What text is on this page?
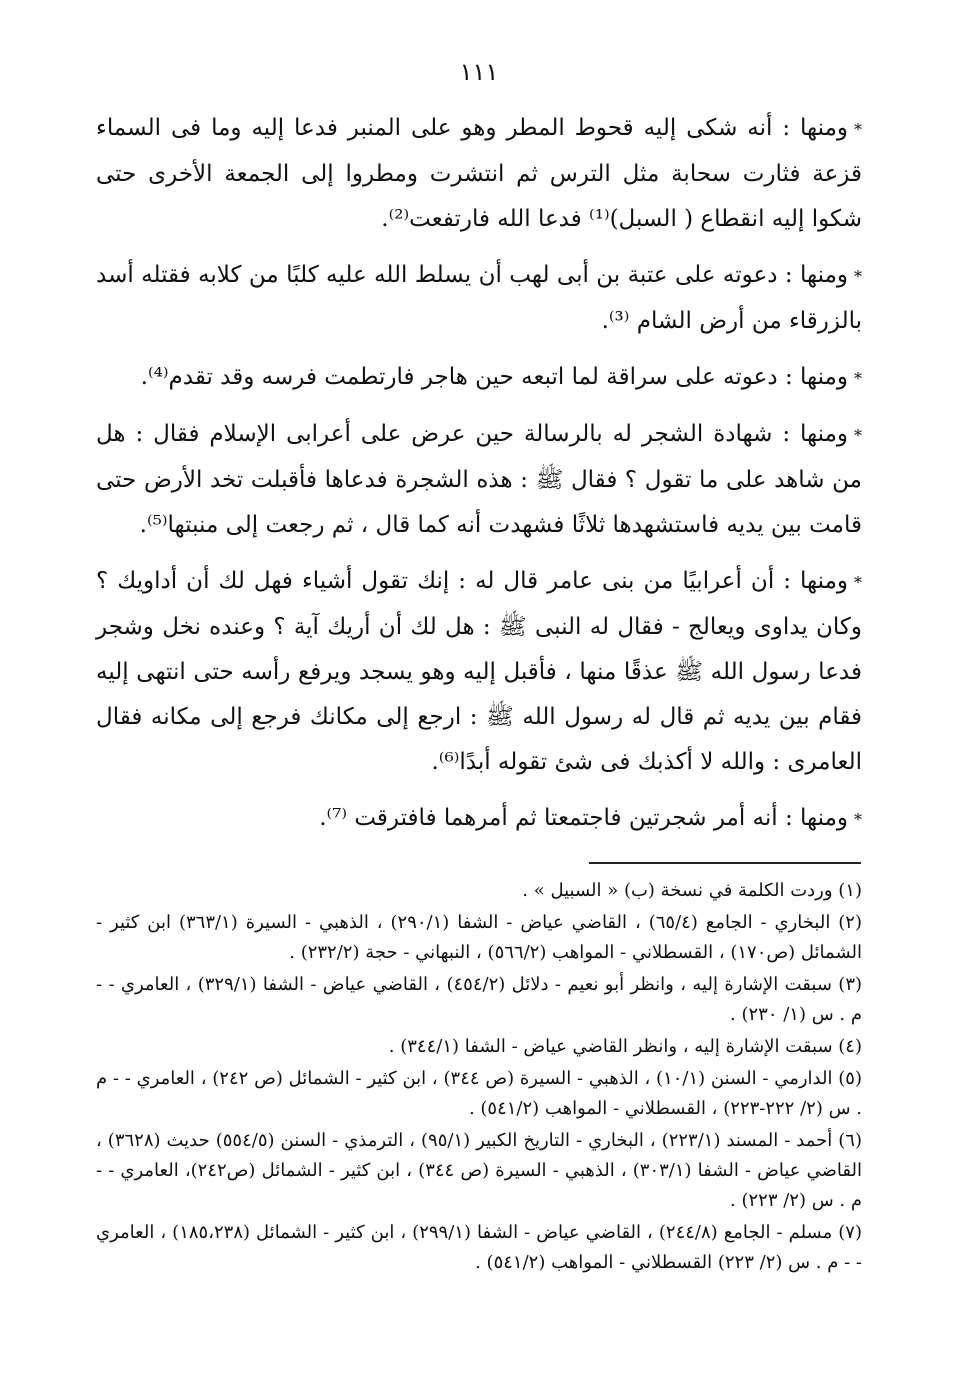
١١١

*ومنها : أنه شكى إليه قحوط المطر وهو على المنبر فدعا إليه وما فى السماء قزعة فثارت سحابة مثل الترس ثم انتشرت ومطروا إلى الجمعة الأخرى حتى شكوا إليه انقطاع ( السبل)⁽¹⁾ فدعا الله فارتفعت⁽²⁾.

*ومنها : دعوته على عتبة بن أبى لهب أن يسلط الله عليه كلبًا من كلابه فقتله أسد بالزرقاء من أرض الشام ⁽³⁾.

*ومنها : دعوته على سراقة لما اتبعه حين هاجر فارتطمت فرسه وقد تقدم⁽⁴⁾.

*ومنها : شهادة الشجر له بالرسالة حين عرض على أعرابى الإسلام فقال : هل من شاهد على ما تقول ؟ فقال ﷺ : هذه الشجرة فدعاها فأقبلت تخد الأرض حتى قامت بين يديه فاستشهدها ثلاثًا فشهدت أنه كما قال ، ثم رجعت إلى منبتها⁽⁵⁾.

*ومنها : أن أعرابيًا من بنى عامر قال له : إنك تقول أشياء فهل لك أن أداويك ؟ وكان يداوى ويعالج - فقال له النبى ﷺ : هل لك أن أريك آية ؟ وعنده نخل وشجر فدعا رسول الله ﷺ عذقًا منها ، فأقبل إليه وهو يسجد ويرفع رأسه حتى انتهى إليه فقام بين يديه ثم قال له رسول الله ﷺ : ارجع إلى مكانك فرجع إلى مكانه فقال العامرى : والله لا أكذبك فى شئ تقوله أبدًا⁽⁶⁾.

*ومنها : أنه أمر شجرتين فاجتمعتا ثم أمرهما فافترقت ⁽⁷⁾.

(١) وردت الكلمة في نسخة (ب) « السبيل » .

(٢) البخاري - الجامع (٦٥/٤) ، القاضي عياض - الشفا (٢٩٠/١) ، الذهبي - السيرة (٣٦٣/١) ابن كثير - الشمائل (ص١٧٠) ، القسطلاني - المواهب (٥٦٦/٢) ، النبهاني - حجة (٢٣٢/٢) .

(٣) سبقت الإشارة إليه ، وانظر أبو نعيم - دلائل (٤٥٤/٢) ، القاضي عياض - الشفا (٣٢٩/١) ، العامري - - م . س (١/ ٢٣٠) .

(٤) سبقت الإشارة إليه ، وانظر القاضي عياض - الشفا (٣٤٤/١) .

(٥) الدارمي - السنن (١٠/١) ، الذهبي - السيرة (ص ٣٤٤) ، ابن كثير - الشمائل (ص ٢٤٢) ، العامري - - م . س (٢/ ٢٢٢-٢٢٣) ، القسطلاني - المواهب (٥٤١/٢) .

(٦) أحمد - المسند (٢٢٣/١) ، البخاري - التاريخ الكبير (٩٥/١) ، الترمذي - السنن (٥٥٤/٥) حديث (٣٦٢٨) ، القاضي عياض - الشفا (٣٠٣/١) ، الذهبي - السيرة (ص ٣٤٤) ، ابن كثير - الشمائل (ص٢٤٢)، العامري - - م . س (٢/ ٢٢٣) .

(٧) مسلم - الجامع (٢٤٤/٨) ، القاضي عياض - الشفا (٢٩٩/١) ، ابن كثير - الشمائل (١٨٥،٢٣٨) ، العامري - - م . س (٢/ ٢٢٣) القسطلاني - المواهب (٥٤١/٢) .
